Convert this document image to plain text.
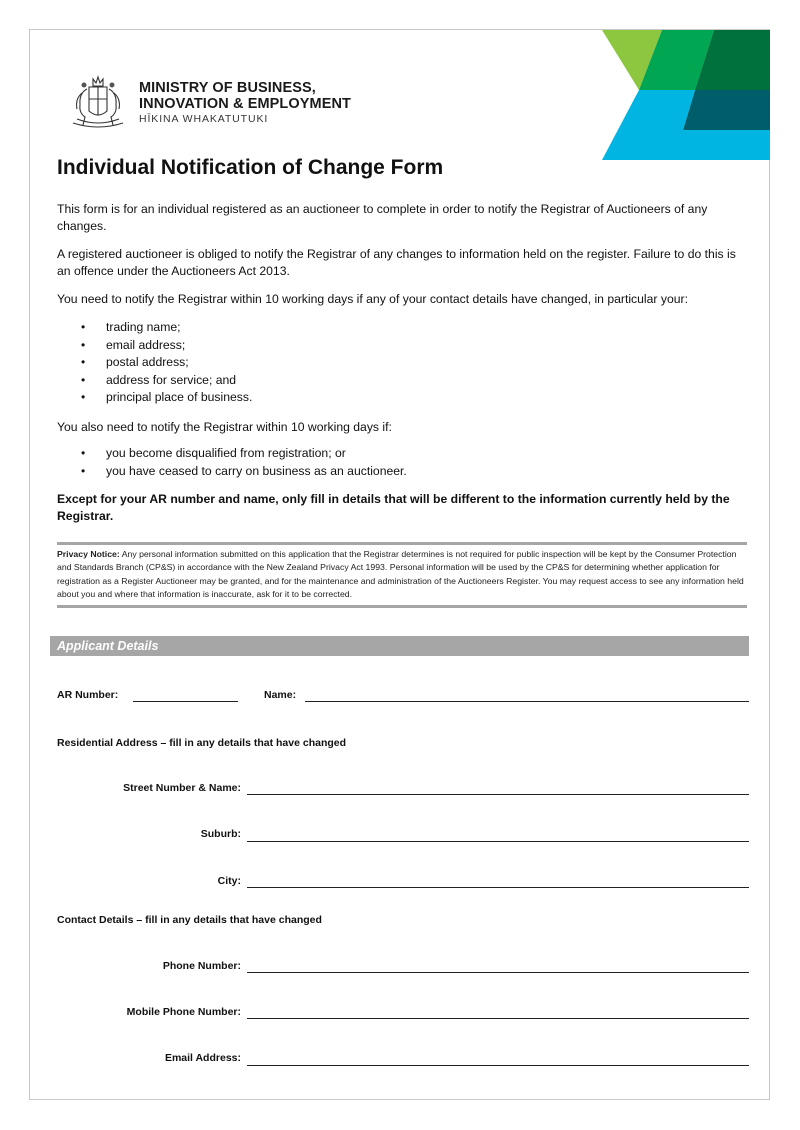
MINISTRY OF BUSINESS,
INNOVATION & EMPLOYMENT
HĪKINA WHAKATUTUKI
Individual Notification of Change Form

This form is for an individual registered as an auctioneer to complete in order to notify the Registrar of Auctioneers of any changes.

A registered auctioneer is obliged to notify the Registrar of any changes to information held on the register. Failure to do this is an offence under the Auctioneers Act 2013.

You need to notify the Registrar within 10 working days if any of your contact details have changed, in particular your:

• trading name;
• email address;
• postal address;
• address for service; and
• principal place of business.

You also need to notify the Registrar within 10 working days if:

• you become disqualified from registration; or
• you have ceased to carry on business as an auctioneer.

Except for your AR number and name, only fill in details that will be different to the information currently held by the Registrar.

Privacy Notice: Any personal information submitted on this application that the Registrar determines is not required for public inspection will be kept by the Consumer Protection and Standards Branch (CP&S) in accordance with the New Zealand Privacy Act 1993. Personal information will be used by the CP&S for determining whether application for registration as a Register Auctioneer may be granted, and for the maintenance and administration of the Auctioneers Register. You may request access to see any information held about you and where that information is inaccurate, ask for it to be corrected.
Applicant Details
AR Number:	Name:
Residential Address – fill in any details that have changed
Street Number & Name:
Suburb:
City:
Contact Details – fill in any details that have changed
Phone Number:
Mobile Phone Number:
Email Address:
